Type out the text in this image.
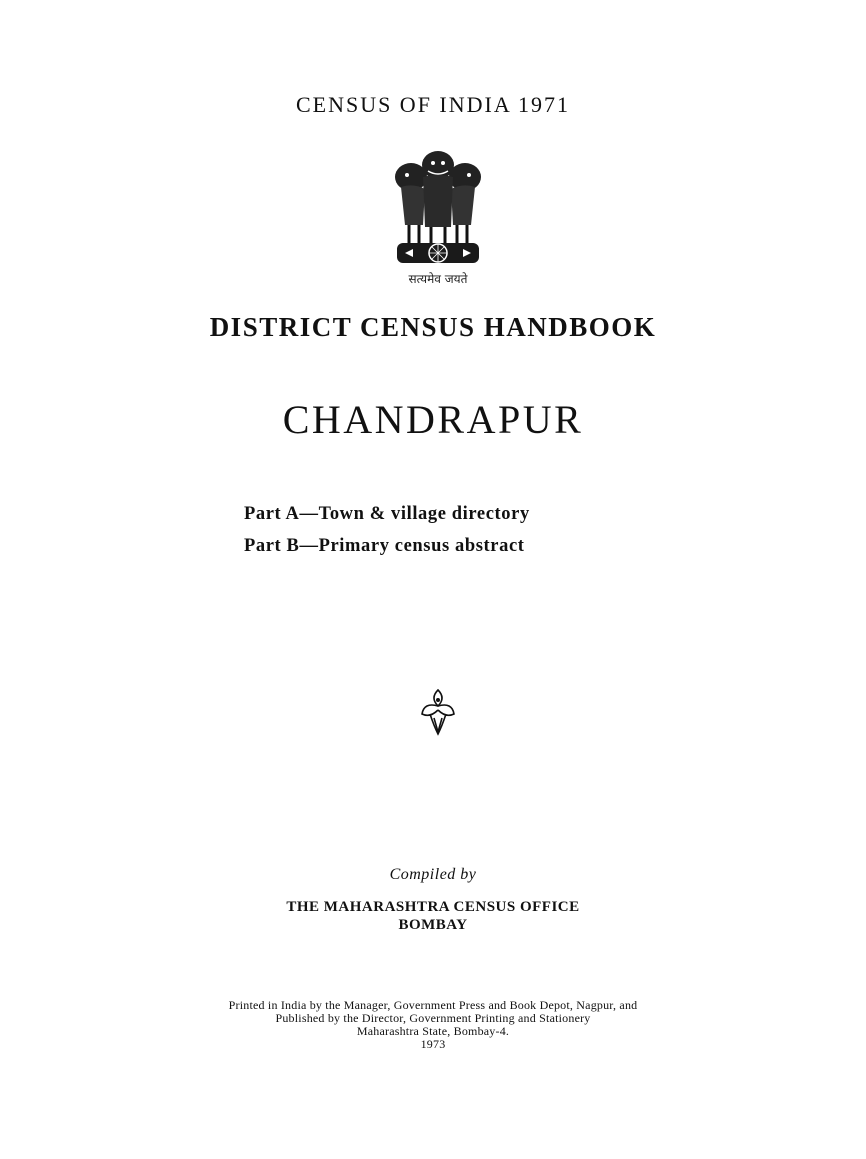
CENSUS OF INDIA 1971
सत्यमेव जयते
DISTRICT CENSUS HANDBOOK
CHANDRAPUR
Part A—Town & village directory
Part B—Primary census abstract
Compiled by
THE MAHARASHTRA CENSUS OFFICE
BOMBAY
Printed in India by the Manager, Government Press and Book Depot, Nagpur, and
Published by the Director, Government Printing and Stationery
Maharashtra State, Bombay-4.
1973
